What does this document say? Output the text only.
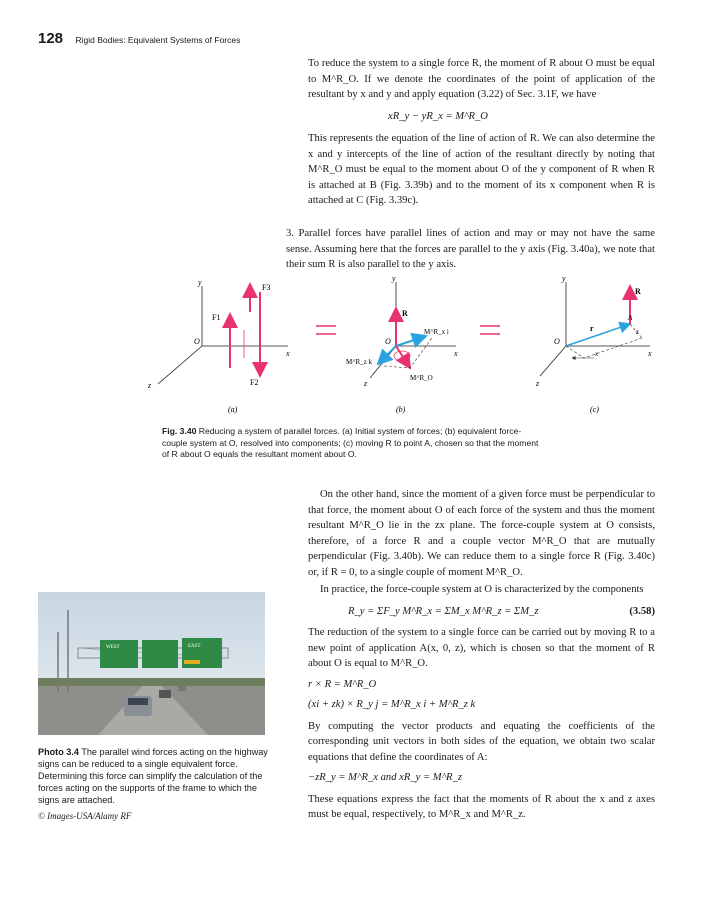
128 Rigid Bodies: Equivalent Systems of Forces

To reduce the system to a single force R, the moment of R about O must be equal to M^R_O. If we denote the coordinates of the point of application of the resultant by x and y and apply equation (3.22) of Sec. 3.1F, we have

xR_y − yR_x = M^R_O

This represents the equation of the line of action of R. We can also determine the x and y intercepts of the line of action of the resultant directly by noting that M^R_O must be equal to the moment about O of the y component of R when R is attached at B (Fig. 3.39b) and to the moment of its x component when R is attached at C (Fig. 3.39c).

3. Parallel forces have parallel lines of action and may or may not have the same sense. Assuming here that the forces are parallel to the y axis (Fig. 3.40a), we note that their sum R is also parallel to the y axis.
y
O
x
z
F1
F3
F2
(a)
y
O
x
z
R
M^R_x i
M^R_z k
M^R_O
(b)
y
O
x
z
R
A
r
x
z
(c)
Fig. 3.40 Reducing a system of parallel forces. (a) Initial system of forces; (b) equivalent force-couple system at O, resolved into components; (c) moving R to point A, chosen so that the moment of R about O equals the resultant moment about O.

On the other hand, since the moment of a given force must be perpendicular to that force, the moment about O of each force of the system and thus the moment resultant M^R_O lie in the zx plane. The force-couple system at O consists, therefore, of a force R and a couple vector M^R_O that are mutually perpendicular (Fig. 3.40b). We can reduce them to a single force R (Fig. 3.40c) or, if R = 0, to a single couple of moment M^R_O.

In practice, the force-couple system at O is characterized by the components

R_y = ΣF_y M^R_x = ΣM_x M^R_z = ΣM_z	(3.58)

The reduction of the system to a single force can be carried out by moving R to a new point of application A(x, 0, z), which is chosen so that the moment of R about O is equal to M^R_O.

r × R = M^R_O

(xi + zk) × R_y j = M^R_x i + M^R_z k

By computing the vector products and equating the coefficients of the corresponding unit vectors in both sides of the equation, we obtain two scalar equations that define the coordinates of A:

−zR_y = M^R_x and xR_y = M^R_z

These equations express the fact that the moments of R about the x and z axes must be equal, respectively, to M^R_x and M^R_z.

WEST	EAST
Photo 3.4 The parallel wind forces acting on the highway signs can be reduced to a single equivalent force. Determining this force can simplify the calculation of the forces acting on the supports of the frame to which the signs are attached.
© Images-USA/Alamy RF
